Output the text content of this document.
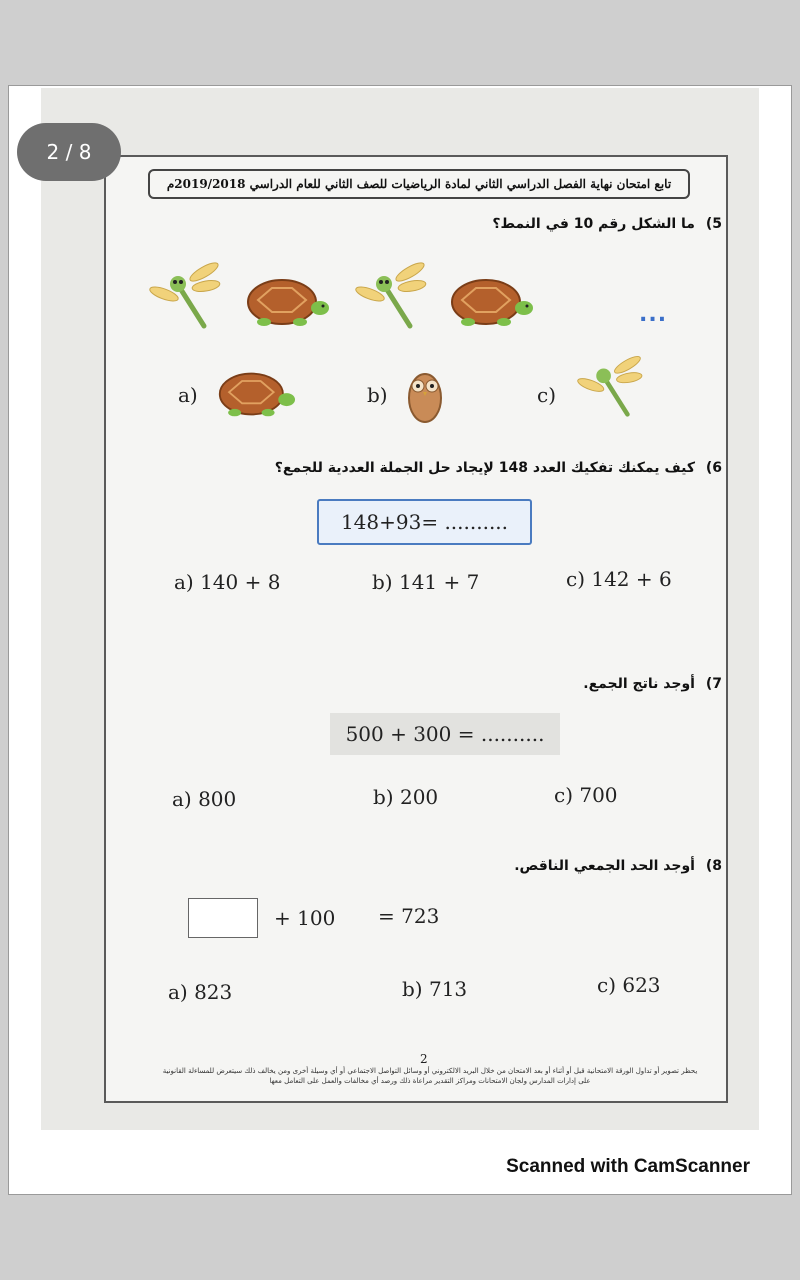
2 / 8
تابع امتحان نهاية الفصل الدراسي الثاني لمادة الرياضيات للصف الثاني للعام الدراسي 2019/2018م
5) ما الشكل رقم 10 في النمط؟
...
a)	b)	c)
6) كيف يمكنك تفكيك العدد 148 لإيجاد حل الجملة العددية للجمع؟
148+93= ..........
a) 140 + 8	b) 141 + 7	c) 142 + 6
7) أوجد ناتج الجمع.
500 + 300 = ..........
a) 800	b) 200	c) 700
8) أوجد الحد الجمعي الناقص.
+ 100 = 723
a) 823	b) 713	c) 623
2
يحظر تصوير أو تداول الورقة الامتحانية قبل أو أثناء أو بعد الامتحان من خلال البريد الالكتروني أو وسائل التواصل الاجتماعي أو أي وسيلة أخرى ومن يخالف ذلك سيتعرض للمساءلة القانونية
على إدارات المدارس ولجان الامتحانات ومراكز التقدير مراعاة ذلك ورصد أي مخالفات والعمل على التعامل معها
Scanned with CamScanner
